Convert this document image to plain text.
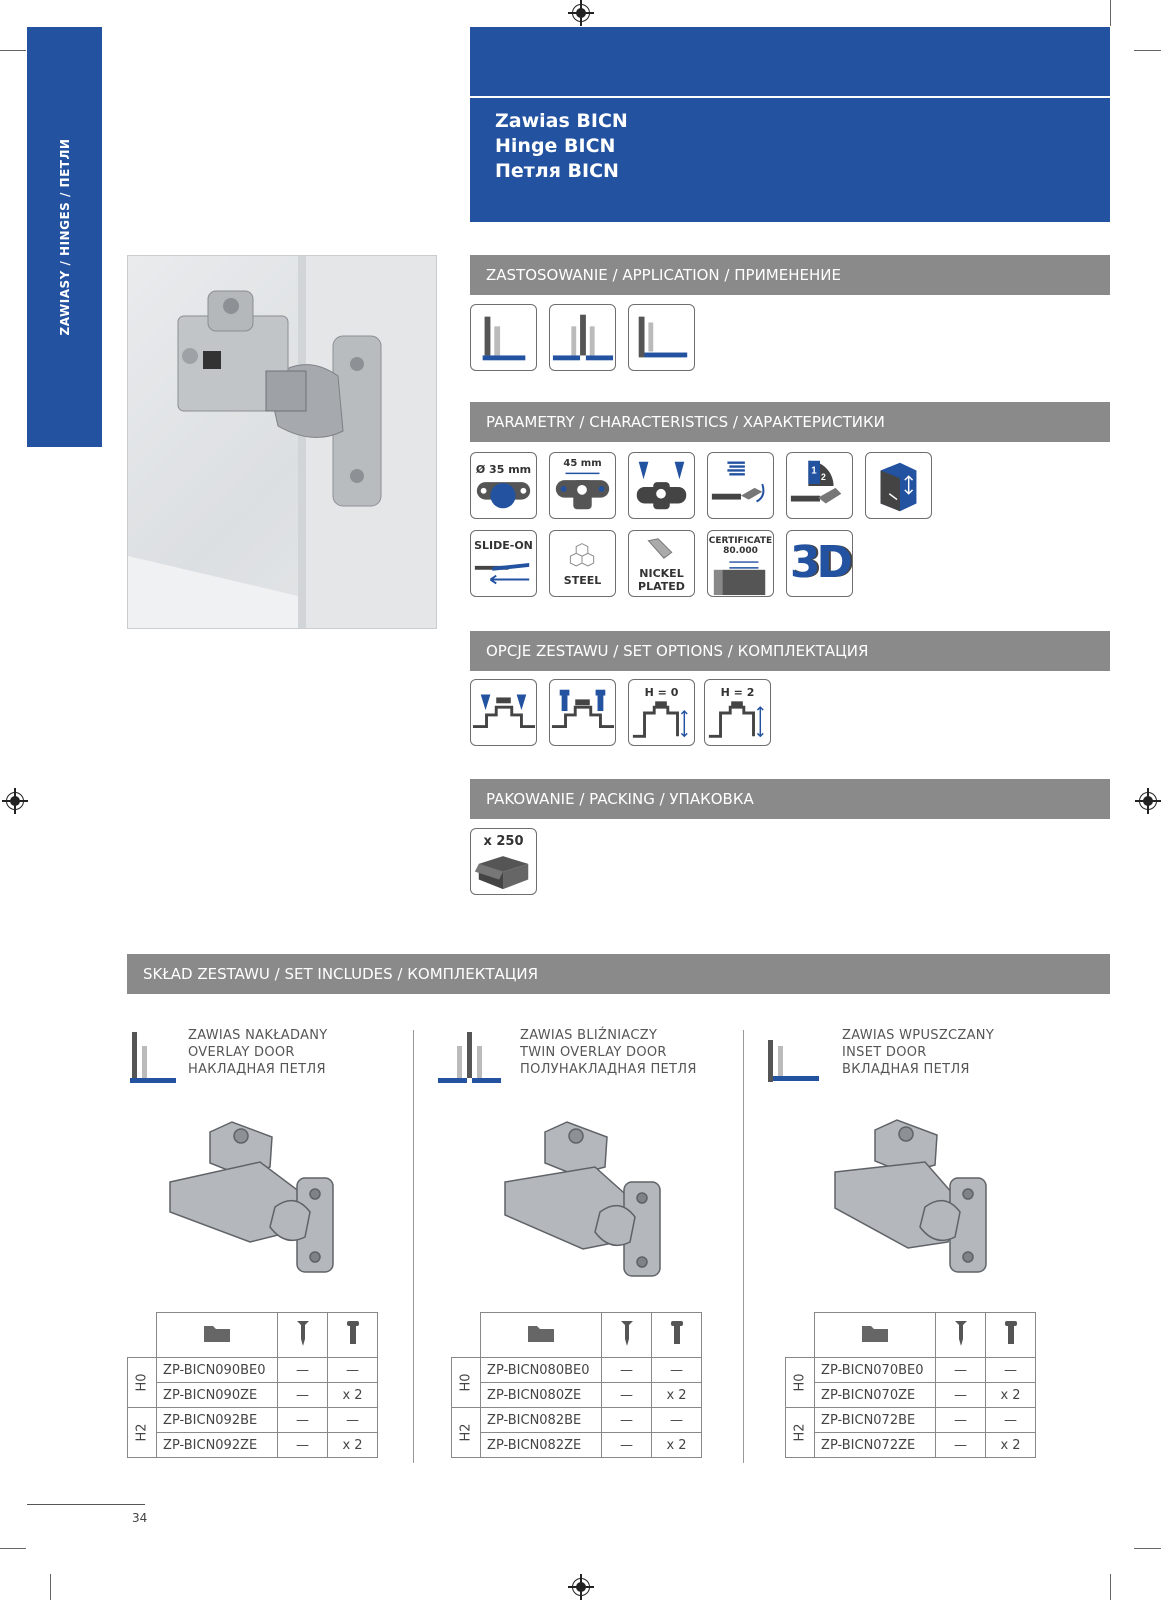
ZAWIASY / HINGES / ПЕТЛИ
Zawias BICN
Hinge BICN
Петля BICN
ZASTOSOWANIE / APPLICATION / ПРИМЕНЕНИЕ
PARAMETRY / CHARACTERISTICS / ХАРАКТЕРИСТИКИ
Ø 35 mm	45 mm
1
2
SLIDE-ON
STEEL
NICKEL
PLATED
CERTIFICATE
80.000 3D
OPCJE ZESTAWU / SET OPTIONS / КОМПЛЕКТАЦИЯ
H = 0	H = 2
PAKOWANIE / PACKING / УПАКОВКА
x 250
SKŁAD ZESTAWU / SET INCLUDES / КОМПЛЕКТАЦИЯ
ZAWIAS NAKŁADANY
OVERLAY DOOR
НАКЛАДНАЯ ПЕТЛЯ

H0	ZP-BICN090BE0	—	—
	ZP-BICN090ZE	—	x 2
H2	ZP-BICN092BE	—	—
	ZP-BICN092ZE	—	x 2
ZAWIAS BLIŹNIACZY
TWIN OVERLAY DOOR
ПОЛУНАКЛАДНАЯ ПЕТЛЯ

H0	ZP-BICN080BE0	—	—
	ZP-BICN080ZE	—	x 2
H2	ZP-BICN082BE	—	—
	ZP-BICN082ZE	—	x 2
ZAWIAS WPUSZCZANY
INSET DOOR
ВКЛАДНАЯ ПЕТЛЯ

H0	ZP-BICN070BE0	—	—
	ZP-BICN070ZE	—	x 2
H2	ZP-BICN072BE	—	—
	ZP-BICN072ZE	—	x 2
34
